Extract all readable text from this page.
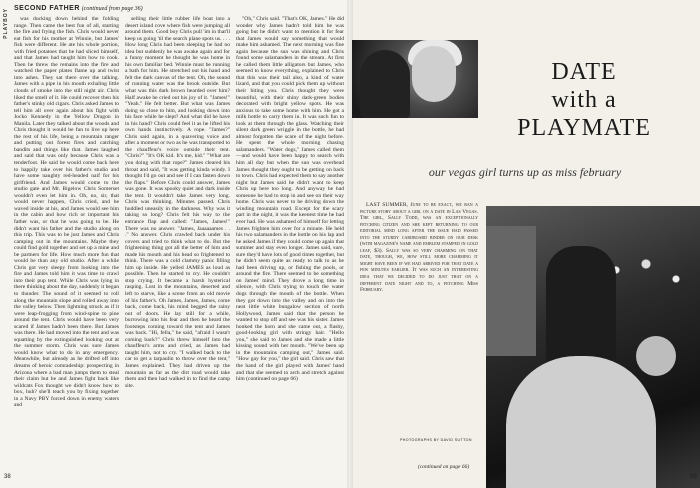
PLAYBOY SECOND FATHER (continued from page 36)

was ducking down behind the folding range. Then came the best fun of all, starting the fire and frying the fish. Chris would never eat fish for his mother at Winnie, but James' fish were different. He ate his whole portion, with fried potatoes that he had sliced himself, and that James had taught him how to cook. Then he threw the remains into the fire and watched the paper plates flame up and twist into ashes. They sat there over the talking. James with a pipe in his mouth exhaling little clouds of smoke into the still night air. Chris liked the smell of it. He could recover then his father's stinky old cigars. Chris asked James to tell him all over again about his fight with Jocko Kennedy in the Yellow Dragon in Manila. Later they talked about the woods and Chris thought it would be fun to live up here the rest of his life, being a mountain ranger and putting out forest fires and catching bandits and things like that. James laughed and said that was only because Chris was a tenderfoot. He said he would come back here to happily take over his father's studio and have some naughty red-headed naif for his girlfriend. And James would come to the studio gate and Mr. Bigelow Chris Somerset wouldn't even let him in. Oh, no, sir, that would never happen, Chris cried, and he waved inside at his, and James would see him in the cabin and how rich or important his father was, or that he was going to be. He didn't want his father and the studio along on this trip. This was to be just James and Chris camping out in the mountains. Maybe they could find gold together and set up a mine and be partners for life. How much more fun that would be than any old studio. After a while Chris got very sleepy from looking into the fire and James told him it was time to crawl into their pup tent. While Chris was lying in there thinking about the day, suddenly it began to thunder. The sound of it seemed to roll along the mountain slope and rolled away into the valley below. Then lightning struck as if it were leap-frogging from wind-spine to pine around the tent. Chris would have been very scared if James hadn't been there. But James was there. He had moved into the tent and was squatting by the extinguished looking out at the summer storm. Chris was sure James would know what to do in any emergency. Meanwhile, but already as he drifted off into dreams of heroic comradeship: prospecting in Arizona where a bad man jumps them to steal their claim but he and James fight back like wildcats Fox thought we didn't know how to box, huh? she'll teach you by fixing together in a Navy PBY forced down in enemy waters and

selling their little rubber life boat into a desert island cove where fish were jumping all around them. Good boy Chris pull 'im in that'll keep us going 'til the search plane spots us. . . . How long Chris had been sleeping he had no idea but suddenly he was awake again and for a funny moment he thought he was home in his own familiar bed. Winnie must be running a bath for him. He stretched out his hand and felt the dark canvas of the tent. Oh, the sound of running water was the brook outside. But what was this dark brown bearded over him? Half awake he cried out his joy of it. "James!" "Yeah." He felt better. But what was James doing so close to him, and looking down into his face while he slept? And what did he have in his hand? Chris could feel it as he lifted his own hands instinctively. A rope. "James?" Chris said again, in a quavering voice and after a moment or two as he was transported to the chauffeur's voice outside their tent. "Chris?" "It's OK kid. It's me, kid." "What are you doing with that rope?" James cleared his throat and said, "It was getting kinda windy. I thought I'd go out and see if I can fasten down the flaps." Before Chris could answer, James was gone. It was spooky quiet and dark inside the tent. It wouldn't take James very long. Chris was thinking. Minutes passed. Chris huddled uneasily in the darkness. Why was it taking so long? Chris felt his way to the entrance flap and called: "James, James!" There was no answer. "James, Jaaaaaames . . ." No answer. Chris crawled back under his covers and tried to think what to do. But the frightening thing got all the better of him and made his mouth and his head so frightened to think. There was a cold clammy panic filling him up inside. He yelled JAMES as loud as possible. Then he started to cry. He couldn't stop crying. It became a harsh hysterical rasping. Lost in the mountains, deserted and left to starve, like a scene from an old movie of his father's. Oh James, James, James, come back, come back, his mind begged the rainy out of doors. He lay still for a while, burrowing into his fear and then he heard the footsteps coming toward the tent and James was back. "Hi, fella," he said, "afraid I wasn't coming back?" Chris threw himself into the chauffeur's arms and cried, as James had taught him, not to cry. "I walked back to the car to get a tarpaulin to throw over the tent," James explained. They had driven up the mountain as far as the dirt road would take them and then had walked in to find the camp site.

"Oh," Chris said. "That's OK, James." He did wonder why James hadn't told him he was going but he didn't want to mention it for fear that James would say something that would make him ashamed. The next morning was fine again because the sun was shining and Chris found some salamanders in the stream. At first he called them little alligators but James, who seemed to know everything, explained to Chris that this was their tail also, a kind of water lizard, and that you could pick them up without their biting you. Chris thought they were beautiful, with their shiny dark-green bodies decorated with bright yellow spots. He was anxious to take some home with him. He got a milk bottle to carry them in. It was such fun to look at them through the glass. Watching their silent dark green wriggle in the bottle, he had almost forgotten the scare of the night before. He spent the whole morning chasing salamanders. "Water dogs," James called them—and would have been happy to search with him all day but when the sun was overhead James thought they ought to be getting on back to town. Chris had expected them to say another night but James said he didn't want to keep Chris up here too long. And anyway he had someone he had to stop in and see on their way home. Chris was never to be driving down the winding mountain road. Except for the scary part in the night, it was the keenest time he had ever had. He was ashamed of himself for letting James frighten him over for a minute. He held his two salamanders in the bottle on his lap and he asked James if they could come up again that summer and stay even longer. James said, sure, sure they'd have lots of good times together, but he didn't seem quite as ready to talk to as he had been driving up, or fishing the pools, or around the fire. There seemed to be something on James' mind. They drove a long time in silence, with Chris trying to touch the water dogs through the mouth of the bottle. When they got down into the valley and on into the neat little white bungalow section of north Hollywood, James said that the person he wanted to stop off and see was his sister. James honked the horn and she came out, a flashy, good-looking girl with stringy hair. "Hello you," she said to James and she made a little kissing sound with her mouth. "We've been up in the mountains camping out," James said. "How gay for you," the girl said. Chris saw that the hand of the girl played with James' hand and that she seemed to arch and stretch against him (continued on page 66)

38
DATE
with a PLAYMATE
our vegas girl turns up as miss february

LAST SUMMER, June to be exact, we ran a picture story about a girl on a date in Las Vegas. The girl, Sally Todd, was an exceptionally fetching citizen and she kept returning to our editorial mind long after the issue had passed into the sturdy cardboard binder on our desk (with magazine's name and emblem stamped in gold leaf, $3). Sally was so very charming on that date, though, we, how still more charming it might have been if we had arrived for that date a few minutes earlier. It was such an interesting idea that we decided to do just that on a different date night and to, a fetching Miss February.

PHOTOGRAPHS BY DAVID SUTTON
(continued on page 66)
39
